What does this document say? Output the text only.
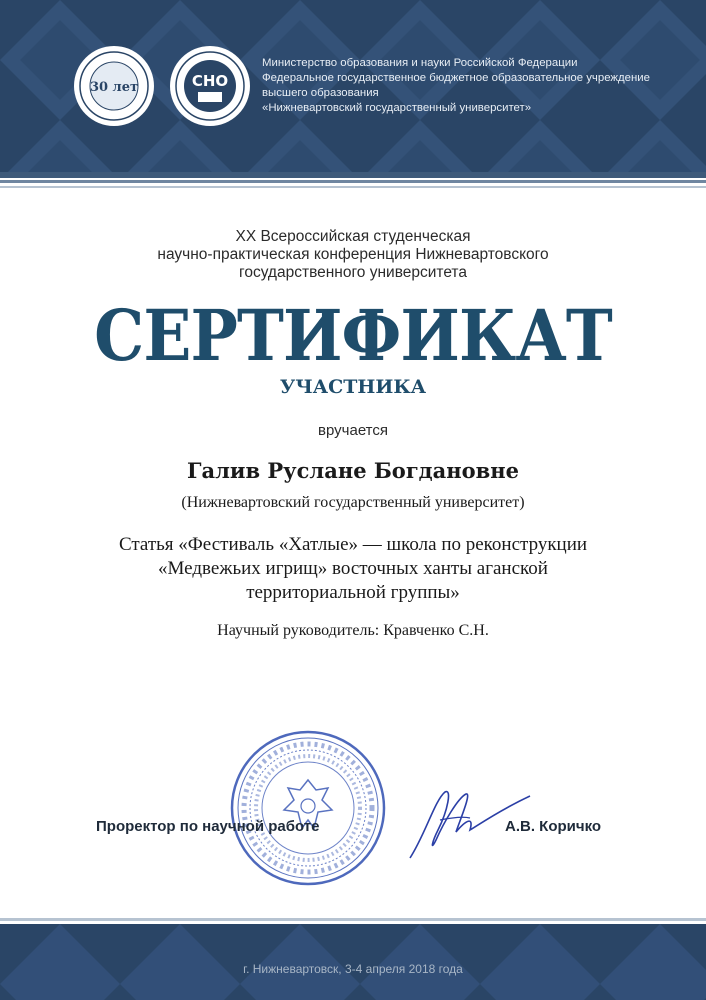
30 лет	СНО
Министерство образования и науки Российской Федерации
Федеральное государственное бюджетное образовательное учреждение
высшего образования
«Нижневартовский государственный университет»
XX Всероссийская студенческая
научно-практическая конференция Нижневартовского
государственного университета
СЕРТИФИКАТ
УЧАСТНИКА
вручается
Галив Руслане Богдановне
(Нижневартовский государственный университет)
Статья «Фестиваль «Хатлые» — школа по реконструкции
«Медвежьих игрищ» восточных ханты аганской
территориальной группы»
Научный руководитель: Кравченко С.Н.
Проректор по научной работе	А.В. Коричко
г. Нижневартовск, 3-4 апреля 2018 года
